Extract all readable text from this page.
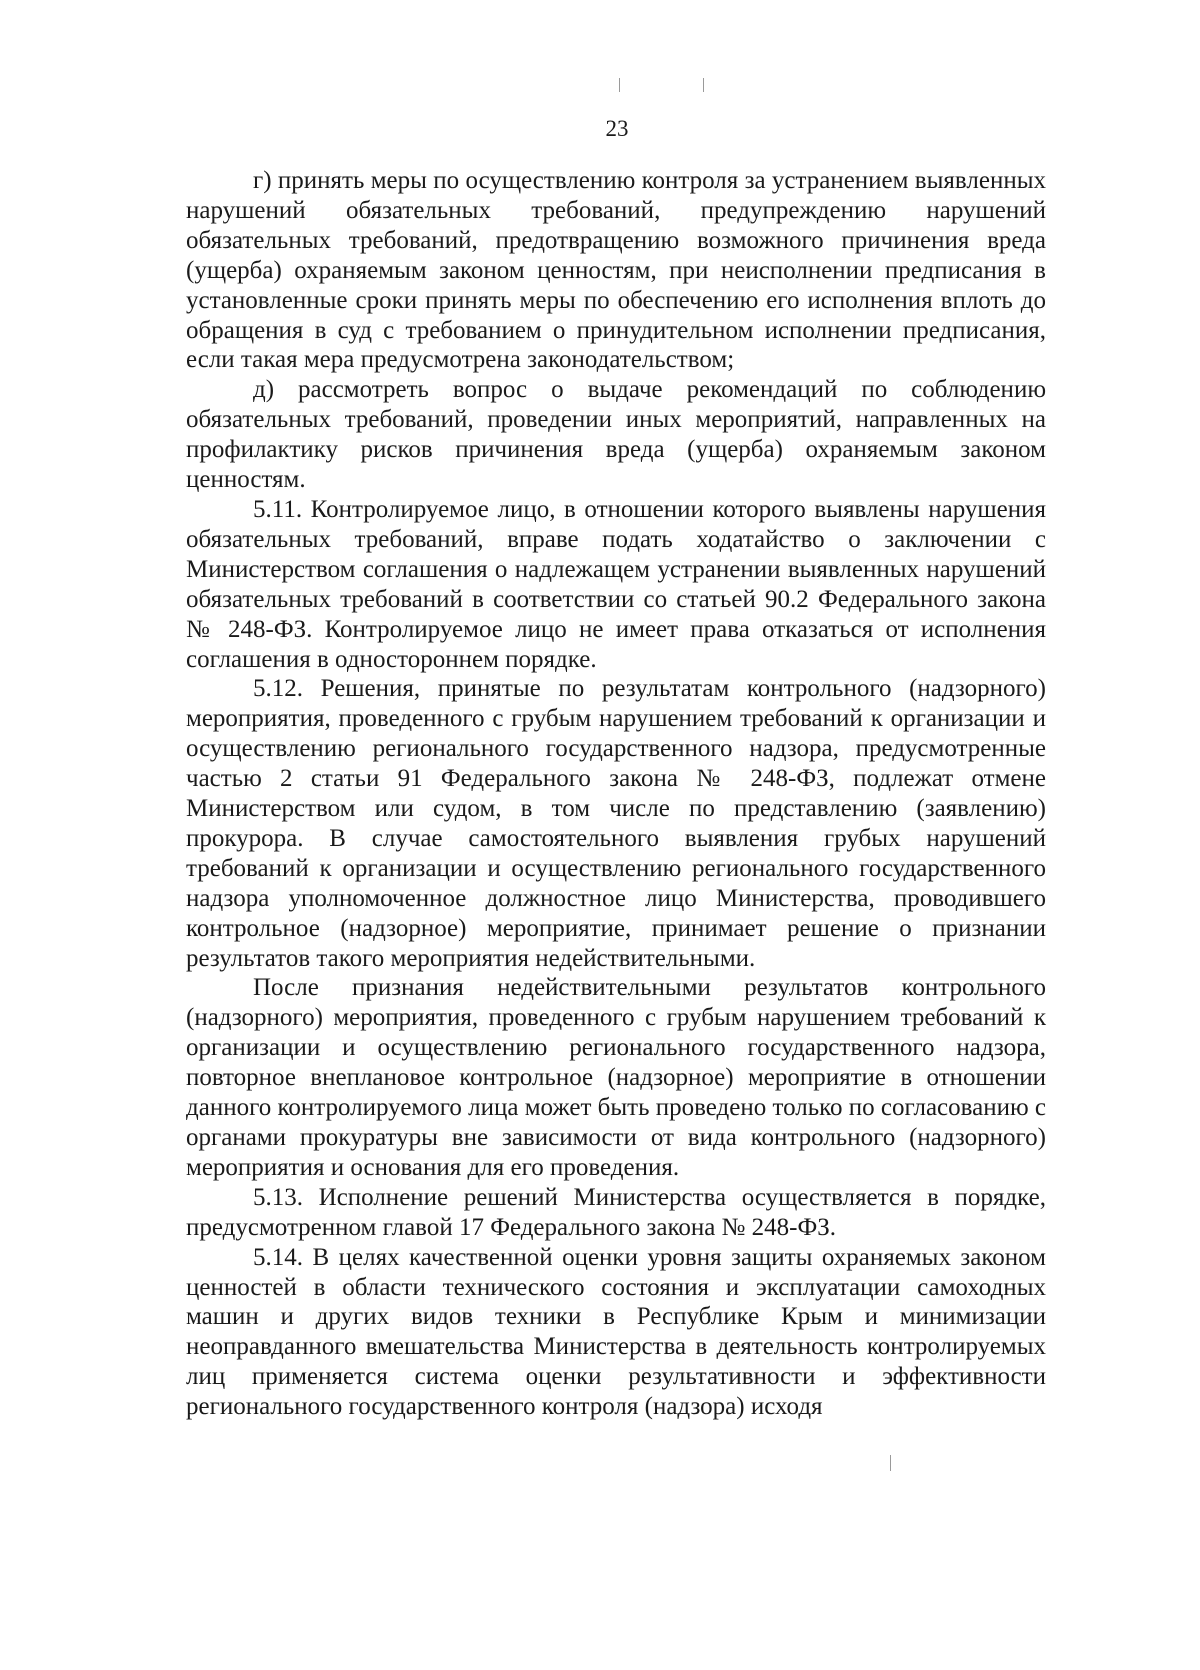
23

г) принять меры по осуществлению контроля за устранением выявленных нарушений обязательных требований, предупреждению нарушений обязательных требований, предотвращению возможного причинения вреда (ущерба) охраняемым законом ценностям, при неисполнении предписания в установленные сроки принять меры по обеспечению его исполнения вплоть до обращения в суд с требованием о принудительном исполнении предписания, если такая мера предусмотрена законодательством;

д) рассмотреть вопрос о выдаче рекомендаций по соблюдению обязательных требований, проведении иных мероприятий, направленных на профилактику рисков причинения вреда (ущерба) охраняемым законом ценностям.

5.11. Контролируемое лицо, в отношении которого выявлены нарушения обязательных требований, вправе подать ходатайство о заключении с Министерством соглашения о надлежащем устранении выявленных нарушений обязательных требований в соответствии со статьей 90.2 Федерального закона № 248-ФЗ. Контролируемое лицо не имеет права отказаться от исполнения соглашения в одностороннем порядке.

5.12. Решения, принятые по результатам контрольного (надзорного) мероприятия, проведенного с грубым нарушением требований к организации и осуществлению регионального государственного надзора, предусмотренные частью 2 статьи 91 Федерального закона № 248-ФЗ, подлежат отмене Министерством или судом, в том числе по представлению (заявлению) прокурора. В случае самостоятельного выявления грубых нарушений требований к организации и осуществлению регионального государственного надзора уполномоченное должностное лицо Министерства, проводившего контрольное (надзорное) мероприятие, принимает решение о признании результатов такого мероприятия недействительными.

После признания недействительными результатов контрольного (надзорного) мероприятия, проведенного с грубым нарушением требований к организации и осуществлению регионального государственного надзора, повторное внеплановое контрольное (надзорное) мероприятие в отношении данного контролируемого лица может быть проведено только по согласованию с органами прокуратуры вне зависимости от вида контрольного (надзорного) мероприятия и основания для его проведения.

5.13. Исполнение решений Министерства осуществляется в порядке, предусмотренном главой 17 Федерального закона № 248-ФЗ.

5.14. В целях качественной оценки уровня защиты охраняемых законом ценностей в области технического состояния и эксплуатации самоходных машин и других видов техники в Республике Крым и минимизации неоправданного вмешательства Министерства в деятельность контролируемых лиц применяется система оценки результативности и эффективности регионального государственного контроля (надзора) исходя
